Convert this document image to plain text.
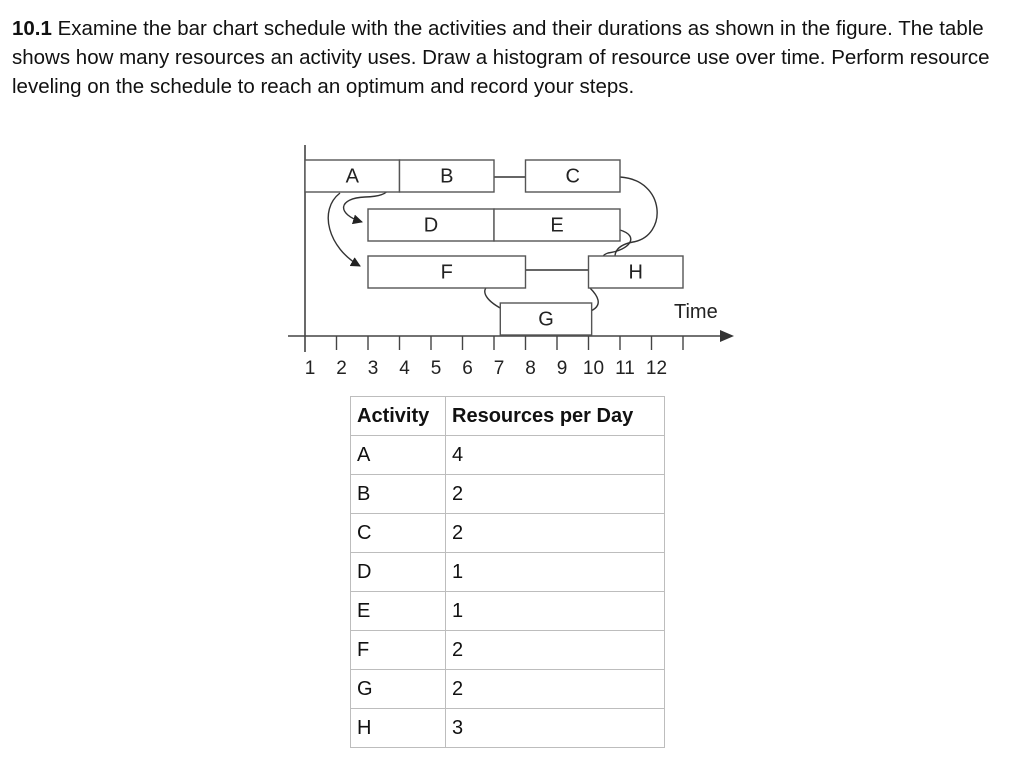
10.1 Examine the bar chart schedule with the activities and their durations as shown in the figure. The table shows how many resources an activity uses. Draw a histogram of resource use over time. Perform resource leveling on the schedule to reach an optimum and record your steps.

1 2 3 4 5 6 7 8 9 10 11 12
A	B	C
D	E
F	H
G	Time
Activity	Resources per Day
A	4
B	2
C	2
D	1
E	1
F	2
G	2
H	3
